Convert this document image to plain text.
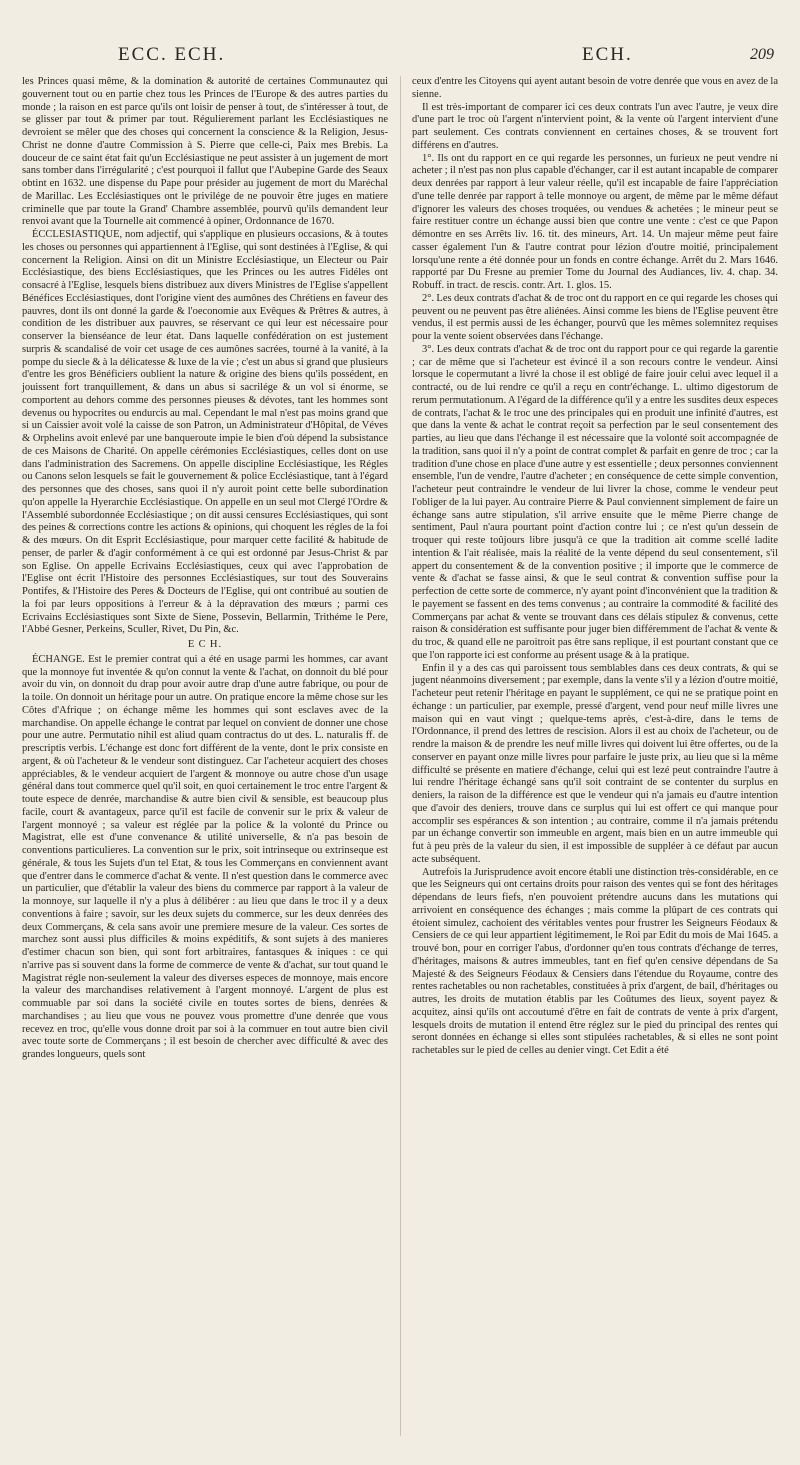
ECC. ECH.	ECH.	209

les Princes quasi même, & la domination & autorité de certaines Communautez qui gouvernent tout ou en partie chez tous les Princes de l'Europe & des autres parties du monde ; la raison en est parce qu'ils ont loisir de penser à tout, de s'intéresser à tout, de se glisser par tout & primer par tout. Régulierement parlant les Ecclésiastiques ne devroient se mêler que des choses qui concernent la conscience & la Religion, Jesus-Christ ne donne d'autre Commission à S. Pierre que celle-ci, Paix mes Brebis. La douceur de ce saint état fait qu'un Ecclésiastique ne peut assister à un jugement de mort sans tomber dans l'irrégularité ; c'est pourquoi il fallut que l'Aubepine Garde des Seaux obtint en 1632. une dispense du Pape pour présider au jugement de mort du Maréchal de Marillac. Les Ecclésiastiques ont le privilége de ne pouvoir être juges en matiere criminelle que par toute la Grand' Chambre assemblée, pourvû qu'ils demandent leur renvoi avant que la Tournelle ait commencé à opiner, Ordonnance de 1670.

ÉCCLESIASTIQUE, nom adjectif, qui s'applique en plusieurs occasions, & à toutes les choses ou personnes qui appartiennent à l'Eglise, qui sont destinées à l'Eglise, & qui concernent la Religion. Ainsi on dit un Ministre Ecclésiastique, un Electeur ou Pair Ecclésiastique, des biens Ecclésiastiques, que les Princes ou les autres Fidéles ont consacré à l'Eglise, lesquels biens distribuez aux divers Ministres de l'Eglise s'appellent Bénéfices Ecclésiastiques, dont l'origine vient des aumônes des Chrétiens en faveur des pauvres, dont ils ont donné la garde & l'oeconomie aux Evêques & Prêtres & autres, à condition de les distribuer aux pauvres, se réservant ce qui leur est nécessaire pour conserver la bienséance de leur état. Dans laquelle confédération on est justement surpris & scandalisé de voir cet usage de ces aumônes sacrées, tourné à la vanité, à la pompe du siecle & à la délicatesse & luxe de la vie ; c'est un abus si grand que plusieurs d'entre les gros Bénéficiers oublient la nature & origine des biens qu'ils possédent, en jouissent fort tranquillement, & dans un abus si sacrilége & un vol si énorme, se comportent au dehors comme des personnes pieuses & dévotes, tant les hommes sont devenus ou hypocrites ou endurcis au mal. Cependant le mal n'est pas moins grand que si un Caissier avoit volé la caisse de son Patron, un Administrateur d'Hôpital, de Véves & Orphelins avoit enlevé par une banqueroute impie le bien d'où dépend la subsistance de ces Maisons de Charité. On appelle cérémonies Ecclésiastiques, celles dont on use dans l'administration des Sacremens. On appelle discipline Ecclésiastique, les Régles ou Canons selon lesquels se fait le gouvernement & police Ecclésiastique, tant à l'égard des personnes que des choses, sans quoi il n'y auroit point cette belle subordination qu'on appelle la Hyerarchie Ecclésiastique. On appelle en un seul mot Clergé l'Ordre & l'Assemblé subordonnée Ecclésiastique ; on dit aussi censures Ecclésiastiques, qui sont des peines & corrections contre les actions & opinions, qui choquent les régles de la foi & des mœurs. On dit Esprit Ecclésiastique, pour marquer cette facilité & habitude de penser, de parler & d'agir conformément à ce qui est ordonné par Jesus-Christ & par son Eglise. On appelle Ecrivains Ecclésiastiques, ceux qui avec l'approbation de l'Eglise ont écrit l'Histoire des personnes Ecclésiastiques, sur tout des Souverains Pontifes, & l'Histoire des Peres & Docteurs de l'Eglise, qui ont contribué au soutien de la foi par leurs oppositions à l'erreur & à la dépravation des mœurs ; parmi ces Ecrivains Ecclésiastiques sont Sixte de Siene, Possevin, Bellarmin, Trithéme le Pere, l'Abbé Gesner, Perkeins, Sculler, Rivet, Du Pin, &c.

E C H.

ÉCHANGE. Est le premier contrat qui a été en usage parmi les hommes, car avant que la monnoye fut inventée & qu'on connut la vente & l'achat, on donnoit du blé pour avoir du vin, on donnoit du drap pour avoir autre drap d'une autre fabrique, ou pour de la toile. On donnoit un héritage pour un autre. On pratique encore la même chose sur les Côtes d'Afrique ; on échange même les hommes qui sont esclaves avec de la marchandise. On appelle échange le contrat par lequel on convient de donner une chose pour une autre. Permutatio nihil est aliud quam contractus do ut des. L. naturalis ff. de prescriptis verbis. L'échange est donc fort différent de la vente, dont le prix consiste en argent, & où l'acheteur & le vendeur sont distinguez. Car l'acheteur acquiert des choses appréciables, & le vendeur acquiert de l'argent & monnoye ou autre chose d'un usage général dans tout commerce quel qu'il soit, en quoi certainement le troc entre l'argent & toute espece de denrée, marchandise & autre bien civil & sensible, est beaucoup plus facile, court & avantageux, parce qu'il est facile de convenir sur le prix & valeur de l'argent monnoyé ; sa valeur est réglée par la police & la volonté du Prince ou Magistrat, elle est d'une convenance & utilité universelle, & n'a pas besoin de conventions particulieres. La convention sur le prix, soit intrinseque ou extrinseque est générale, & tous les Sujets d'un tel Etat, & tous les Commerçans en conviennent avant que d'entrer dans le commerce d'achat & vente. Il n'est question dans le commerce avec un particulier, que d'établir la valeur des biens du commerce par rapport à la valeur de la monnoye, sur laquelle il n'y a plus à délibérer : au lieu que dans le troc il y a deux conventions à faire ; savoir, sur les deux sujets du commerce, sur les deux denrées des deux Commerçans, & cela sans avoir une premiere mesure de la valeur. Ces sortes de marchez sont aussi plus difficiles & moins expéditifs, & sont sujets à des manieres d'estimer chacun son bien, qui sont fort arbitraires, fantasques & iniques : ce qui n'arrive pas si souvent dans la forme de commerce de vente & d'achat, sur tout quand le Magistrat régle non-seulement la valeur des diverses especes de monnoye, mais encore la valeur des marchandises relativement à l'argent monnoyé. L'argent de plus est commuable par soi dans la société civile en toutes sortes de biens, denrées & marchandises ; au lieu que vous ne pouvez vous promettre d'une denrée que vous recevez en troc, qu'elle vous donne droit par soi à la commuer en tout autre bien civil avec toute sorte de Commerçans ; il est besoin de chercher avec difficulté & avec des grandes longueurs, quels sont

ceux d'entre les Citoyens qui ayent autant besoin de votre denrée que vous en avez de la sienne.

Il est très-important de comparer ici ces deux contrats l'un avec l'autre, je veux dire d'une part le troc où l'argent n'intervient point, & la vente où l'argent intervient d'une part seulement. Ces contrats conviennent en certaines choses, & se trouvent fort différens en d'autres.

1°. Ils ont du rapport en ce qui regarde les personnes, un furieux ne peut vendre ni acheter ; il n'est pas non plus capable d'échanger, car il est autant incapable de comparer deux denrées par rapport à leur valeur réelle, qu'il est incapable de faire l'appréciation d'une telle denrée par rapport à telle monnoye ou argent, de même par le même défaut d'ignorer les valeurs des choses troquées, ou vendues & achetées ; le mineur peut se faire restituer contre un échange aussi bien que contre une vente : c'est ce que Papon démontre en ses Arrêts liv. 16. tit. des mineurs, Art. 14. Un majeur même peut faire casser également l'un & l'autre contrat pour lézion d'outre moitié, principalement lorsqu'une rente a été donnée pour un fonds en contre échange. Arrêt du 2. Mars 1646. rapporté par Du Fresne au premier Tome du Journal des Audiances, liv. 4. chap. 34. Robuff. in tract. de rescis. contr. Art. 1. glos. 15.

2°. Les deux contrats d'achat & de troc ont du rapport en ce qui regarde les choses qui peuvent ou ne peuvent pas être aliénées. Ainsi comme les biens de l'Eglise peuvent être vendus, il est permis aussi de les échanger, pourvû que les mêmes solemnitez requises pour la vente soient observées dans l'échange.

3°. Les deux contrats d'achat & de troc ont du rapport pour ce qui regarde la garentie ; car de même que si l'acheteur est évincé il a son recours contre le vendeur. Ainsi lorsque le copermutant a livré la chose il est obligé de faire jouir celui avec lequel il a contracté, ou de lui rendre ce qu'il a reçu en contr'échange. L. ultimo digestorum de rerum permutationum. A l'égard de la différence qu'il y a entre les susdites deux especes de contrats, l'achat & le troc une des principales qui en produit une infinité d'autres, est que dans la vente & achat le contrat reçoit sa perfection par le seul consentement des parties, au lieu que dans l'échange il est nécessaire que la volonté soit accompagnée de la tradition, sans quoi il n'y a point de contrat complet & parfait en genre de troc ; car la tradition d'une chose en place d'une autre y est essentielle ; deux personnes conviennent ensemble, l'un de vendre, l'autre d'acheter ; en conséquence de cette simple convention, l'acheteur peut contraindre le vendeur de lui livrer la chose, comme le vendeur peut l'obliger de la lui payer. Au contraire Pierre & Paul conviennent simplement de faire un échange sans autre stipulation, s'il arrive ensuite que le même Pierre change de sentiment, Paul n'aura pourtant point d'action contre lui ; ce n'est qu'un dessein de troquer qui reste toûjours libre jusqu'à ce que la tradition ait comme scellé ladite intention & l'ait réalisée, mais la réalité de la vente dépend du seul consentement, s'il appert du consentement & de la convention positive ; il importe que le commerce de vente & d'achat se fasse ainsi, & que le seul contrat & convention suffise pour la perfection de cette sorte de commerce, n'y ayant point d'inconvénient que la tradition & le payement se fassent en des tems convenus ; au contraire la commodité & facilité des Commerçans par achat & vente se trouvant dans ces délais stipulez & convenus, cette raison & considération est suffisante pour juger bien différemment de l'achat & vente & du troc, & quand elle ne paroitroit pas être sans replique, il est pourtant constant que ce que l'on rapporte ici est conforme au présent usage & à la pratique.

Enfin il y a des cas qui paroissent tous semblables dans ces deux contrats, & qui se jugent néanmoins diversement ; par exemple, dans la vente s'il y a lézion d'outre moitié, l'acheteur peut retenir l'héritage en payant le supplément, ce qui ne se pratique point en échange : un particulier, par exemple, pressé d'argent, vend pour neuf mille livres une maison qui en vaut vingt ; quelque-tems après, c'est-à-dire, dans le tems de l'Ordonnance, il prend des lettres de rescision. Alors il est au choix de l'acheteur, ou de rendre la maison & de prendre les neuf mille livres qui doivent lui être offertes, ou de la conserver en payant onze mille livres pour parfaire le juste prix, au lieu que si la même difficulté se présente en matiere d'échange, celui qui est lezé peut contraindre l'autre à lui rendre l'héritage échangé sans qu'il soit contraint de se contenter du surplus en deniers, la raison de la différence est que le vendeur qui n'a jamais eu d'autre intention que d'avoir des deniers, trouve dans ce surplus qui lui est offert ce qui manque pour accomplir ses espérances & son intention ; au contraire, comme il n'a jamais prétendu par un échange convertir son immeuble en argent, mais bien en un autre immeuble qui fut à peu près de la valeur du sien, il est impossible de suppléer à ce défaut par aucun acte subséquent.

Autrefois la Jurisprudence avoit encore établi une distinction très-considérable, en ce que les Seigneurs qui ont certains droits pour raison des ventes qui se font des héritages dépendans de leurs fiefs, n'en pouvoient prétendre aucuns dans les mutations qui arrivoient en conséquence des échanges ; mais comme la plûpart de ces contrats qui étoient simulez, cachoient des véritables ventes pour frustrer les Seigneurs Féodaux & Censiers de ce qui leur appartient légitimement, le Roi par Edit du mois de Mai 1645. a trouvé bon, pour en corriger l'abus, d'ordonner qu'en tous contrats d'échange de terres, d'héritages, maisons & autres immeubles, tant en fief qu'en censive dépendans de Sa Majesté & des Seigneurs Féodaux & Censiers dans l'étendue du Royaume, contre des rentes rachetables ou non rachetables, constituées à prix d'argent, de bail, d'héritages ou autres, les droits de mutation établis par les Coûtumes des lieux, soyent payez & acquitez, ainsi qu'ils ont accoutumé d'être en fait de contrats de vente à prix d'argent, lesquels droits de mutation il entend être réglez sur le pied du principal des rentes qui seront données en échange si elles sont stipulées rachetables, & si elles ne sont point rachetables sur le pied de celles au denier vingt. Cet Edit a été
